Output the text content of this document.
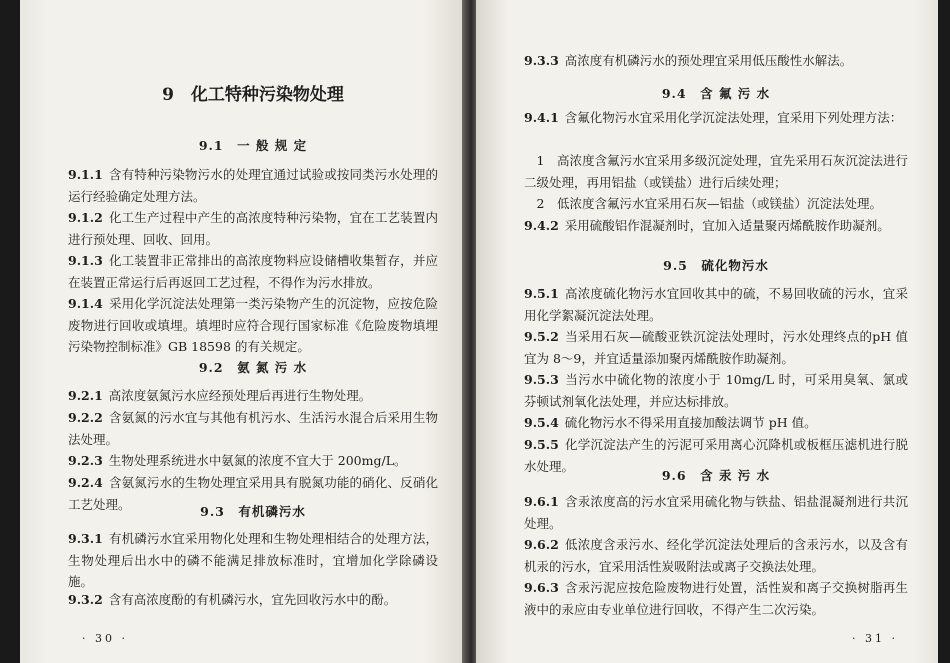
9　化工特种污染物处理
9.1　一 般 规 定
9.1.1 含有特种污染物污水的处理宜通过试验或按同类污水处理的运行经验确定处理方法。
9.1.2 化工生产过程中产生的高浓度特种污染物，宜在工艺装置内进行预处理、回收、回用。
9.1.3 化工装置非正常排出的高浓度物料应设储槽收集暂存，并应在装置正常运行后再返回工艺过程，不得作为污水排放。
9.1.4 采用化学沉淀法处理第一类污染物产生的沉淀物，应按危险废物进行回收或填埋。填埋时应符合现行国家标准《危险废物填埋污染物控制标准》GB 18598 的有关规定。
9.2　氨 氮 污 水
9.2.1 高浓度氨氮污水应经预处理后再进行生物处理。
9.2.2 含氨氮的污水宜与其他有机污水、生活污水混合后采用生物法处理。
9.2.3 生物处理系统进水中氨氮的浓度不宜大于 200mg/L。
9.2.4 含氨氮污水的生物处理宜采用具有脱氮功能的硝化、反硝化工艺处理。	9.3　有机磷污水
9.3.1 有机磷污水宜采用物化处理和生物处理相结合的处理方法，生物处理后出水中的磷不能满足排放标准时，宜增加化学除磷设施。
9.3.2 含有高浓度酚的有机磷污水，宜先回收污水中的酚。
· 30 ·
9.3.3 高浓度有机磷污水的预处理宜采用低压酸性水解法。
9.4　含 氟 污 水
9.4.1 含氟化物污水宜采用化学沉淀法处理，宜采用下列处理方法：
1　高浓度含氟污水宜采用多级沉淀处理，宜先采用石灰沉淀法进行二级处理，再用铝盐（或镁盐）进行后续处理；
2　低浓度含氟污水宜采用石灰—铝盐（或镁盐）沉淀法处理。
9.4.2 采用硫酸铝作混凝剂时，宜加入适量聚丙烯酰胺作助凝剂。
9.5　硫化物污水
9.5.1 高浓度硫化物污水宜回收其中的硫，不易回收硫的污水，宜采用化学絮凝沉淀法处理。
9.5.2 当采用石灰—硫酸亚铁沉淀法处理时，污水处理终点的pH 值宜为 8～9，并宜适量添加聚丙烯酰胺作助凝剂。
9.5.3 当污水中硫化物的浓度小于 10mg/L 时，可采用臭氧、氯或芬顿试剂氧化法处理，并应达标排放。
9.5.4 硫化物污水不得采用直接加酸法调节 pH 值。
9.5.5 化学沉淀法产生的污泥可采用离心沉降机或板框压滤机进行脱水处理。
9.6　含 汞 污 水
9.6.1 含汞浓度高的污水宜采用硫化物与铁盐、铝盐混凝剂进行共沉处理。
9.6.2 低浓度含汞污水、经化学沉淀法处理后的含汞污水，以及含有机汞的污水，宜采用活性炭吸附法或离子交换法处理。
9.6.3 含汞污泥应按危险废物进行处置，活性炭和离子交换树脂再生液中的汞应由专业单位进行回收，不得产生二次污染。
· 31 ·
